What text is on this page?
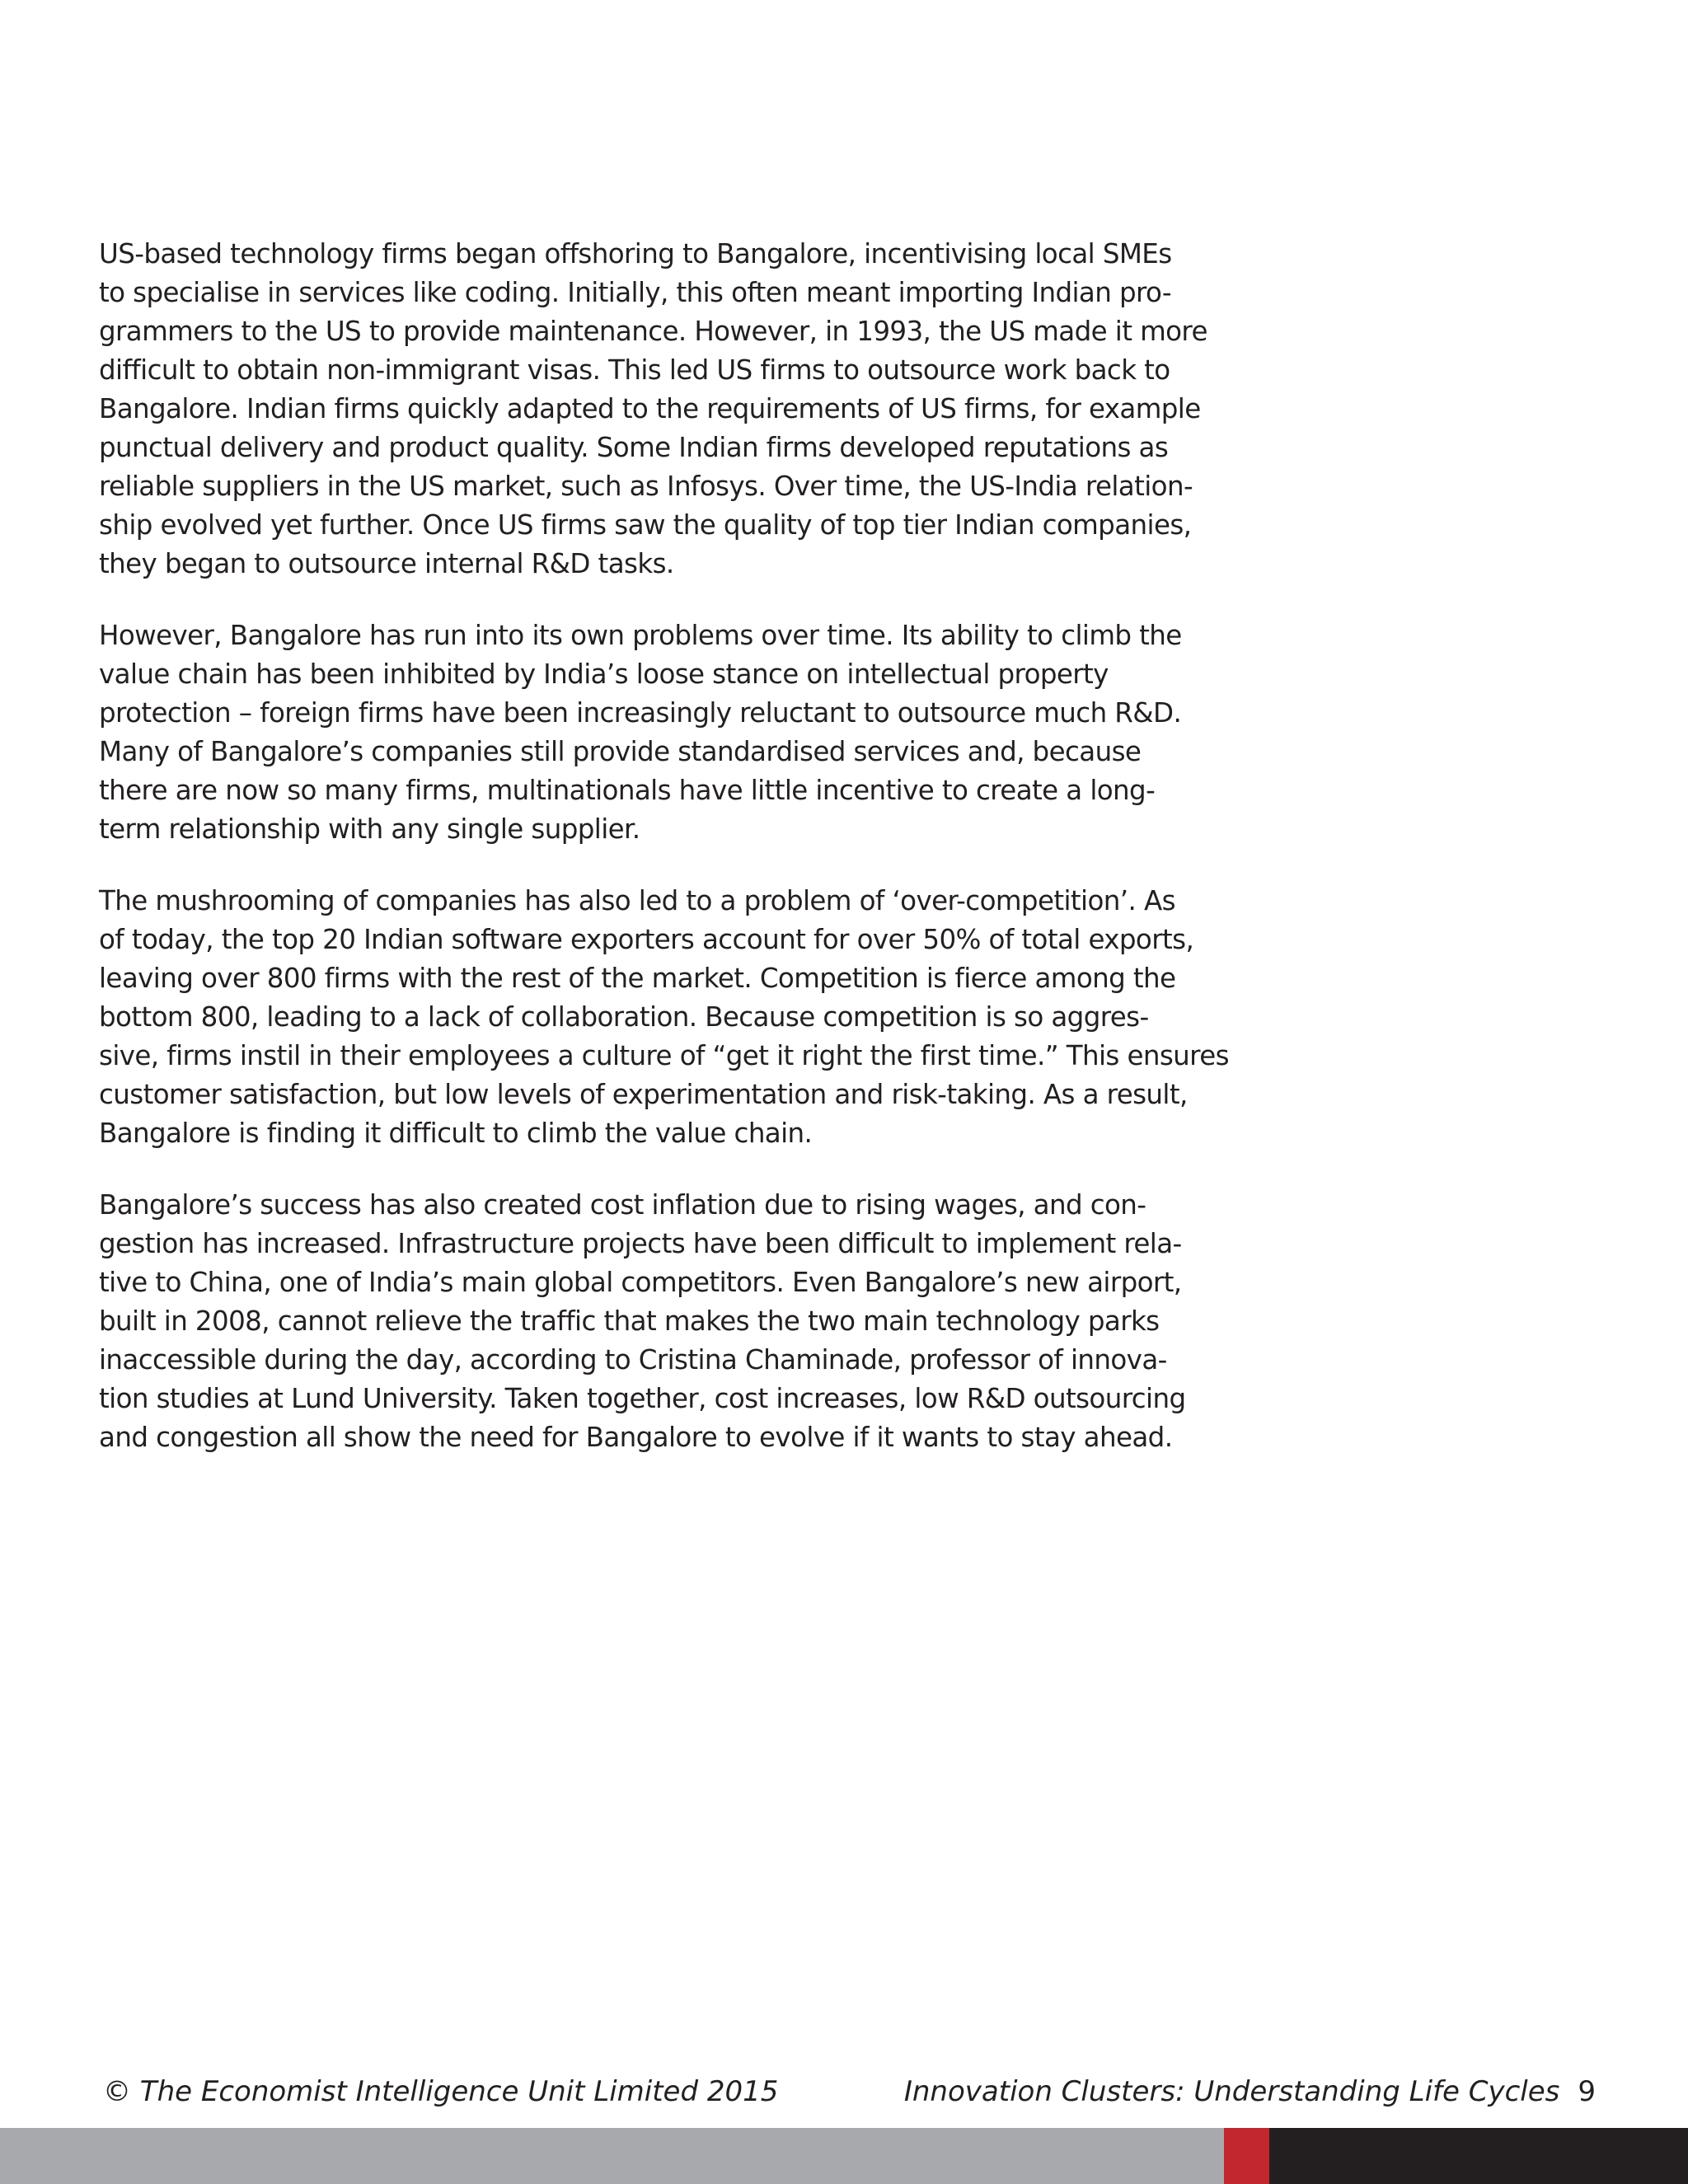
US-based technology firms began offshoring to Bangalore, incentivising local SMEs
to specialise in services like coding. Initially, this often meant importing Indian pro-
grammers to the US to provide maintenance. However, in 1993, the US made it more
difficult to obtain non-immigrant visas. This led US firms to outsource work back to
Bangalore. Indian firms quickly adapted to the requirements of US firms, for example
punctual delivery and product quality. Some Indian firms developed reputations as
reliable suppliers in the US market, such as Infosys. Over time, the US-India relation-
ship evolved yet further. Once US firms saw the quality of top tier Indian companies,
they began to outsource internal R&D tasks.

However, Bangalore has run into its own problems over time. Its ability to climb the
value chain has been inhibited by India’s loose stance on intellectual property
protection – foreign firms have been increasingly reluctant to outsource much R&D.
Many of Bangalore’s companies still provide standardised services and, because
there are now so many firms, multinationals have little incentive to create a long-
term relationship with any single supplier.

The mushrooming of companies has also led to a problem of ‘over-competition’. As
of today, the top 20 Indian software exporters account for over 50% of total exports,
leaving over 800 firms with the rest of the market. Competition is fierce among the
bottom 800, leading to a lack of collaboration. Because competition is so aggres-
sive, firms instil in their employees a culture of “get it right the first time.” This ensures
customer satisfaction, but low levels of experimentation and risk-taking. As a result,
Bangalore is finding it difficult to climb the value chain.

Bangalore’s success has also created cost inflation due to rising wages, and con-
gestion has increased. Infrastructure projects have been difficult to implement rela-
tive to China, one of India’s main global competitors. Even Bangalore’s new airport,
built in 2008, cannot relieve the traffic that makes the two main technology parks
inaccessible during the day, according to Cristina Chaminade, professor of innova-
tion studies at Lund University. Taken together, cost increases, low R&D outsourcing
and congestion all show the need for Bangalore to evolve if it wants to stay ahead.

© The Economist Intelligence Unit Limited 2015	Innovation Clusters: Understanding Life Cycles 9
